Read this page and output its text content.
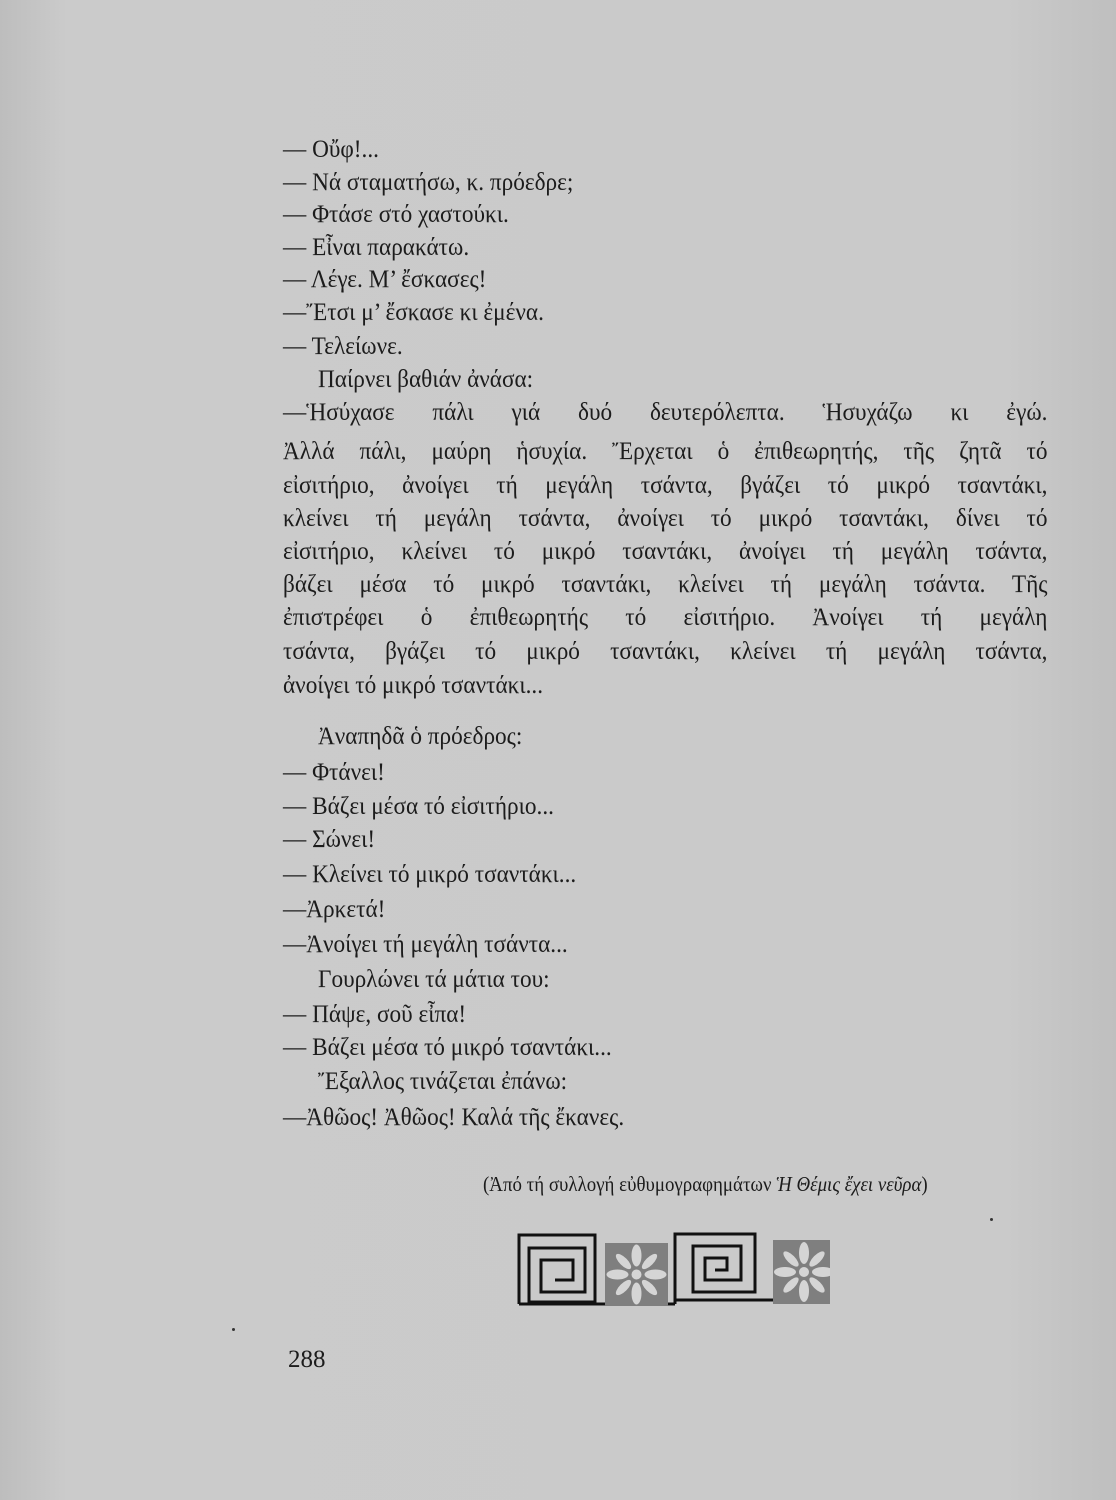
— Οὔφ!...
— Νά σταματήσω, κ. πρόεδρε;
— Φτάσε στό χαστούκι.
— Εἶναι παρακάτω.
— Λέγε. Μ’ ἔσκασες!
—Ἔτσι μ’ ἔσκασε κι ἐμένα.
— Τελείωνε.
Παίρνει βαθιάν ἀνάσα:
—Ἡσύχασε πάλι γιά δυό δευτερόλεπτα. Ἡσυχάζω κι ἐγώ.
Ἀλλά πάλι, μαύρη ἡσυχία. Ἔρχεται ὁ ἐπιθεωρητής, τῆς ζητᾶ τό
εἰσιτήριο, ἀνοίγει τή μεγάλη τσάντα, βγάζει τό μικρό τσαντάκι,
κλείνει τή μεγάλη τσάντα, ἀνοίγει τό μικρό τσαντάκι, δίνει τό
εἰσιτήριο, κλείνει τό μικρό τσαντάκι, ἀνοίγει τή μεγάλη τσάντα,
βάζει μέσα τό μικρό τσαντάκι, κλείνει τή μεγάλη τσάντα. Τῆς
ἐπιστρέφει ὁ ἐπιθεωρητής τό εἰσιτήριο. Ἀνοίγει τή μεγάλη
τσάντα, βγάζει τό μικρό τσαντάκι, κλείνει τή μεγάλη τσάντα,
ἀνοίγει τό μικρό τσαντάκι...
Ἀναπηδᾶ ὁ πρόεδρος:
— Φτάνει!
— Βάζει μέσα τό εἰσιτήριο...
— Σώνει!
— Κλείνει τό μικρό τσαντάκι...
—Ἀρκετά!
—Ἀνοίγει τή μεγάλη τσάντα...
Γουρλώνει τά μάτια του:
— Πάψε, σοῦ εἶπα!
— Βάζει μέσα τό μικρό τσαντάκι...
Ἔξαλλος τινάζεται ἐπάνω:
—Ἀθῶος! Ἀθῶος! Καλά τῆς ἔκανες.
(Ἀπό τή συλλογή εὐθυμογραφημάτων Ἡ Θέμις ἔχει νεῦρα)
288
